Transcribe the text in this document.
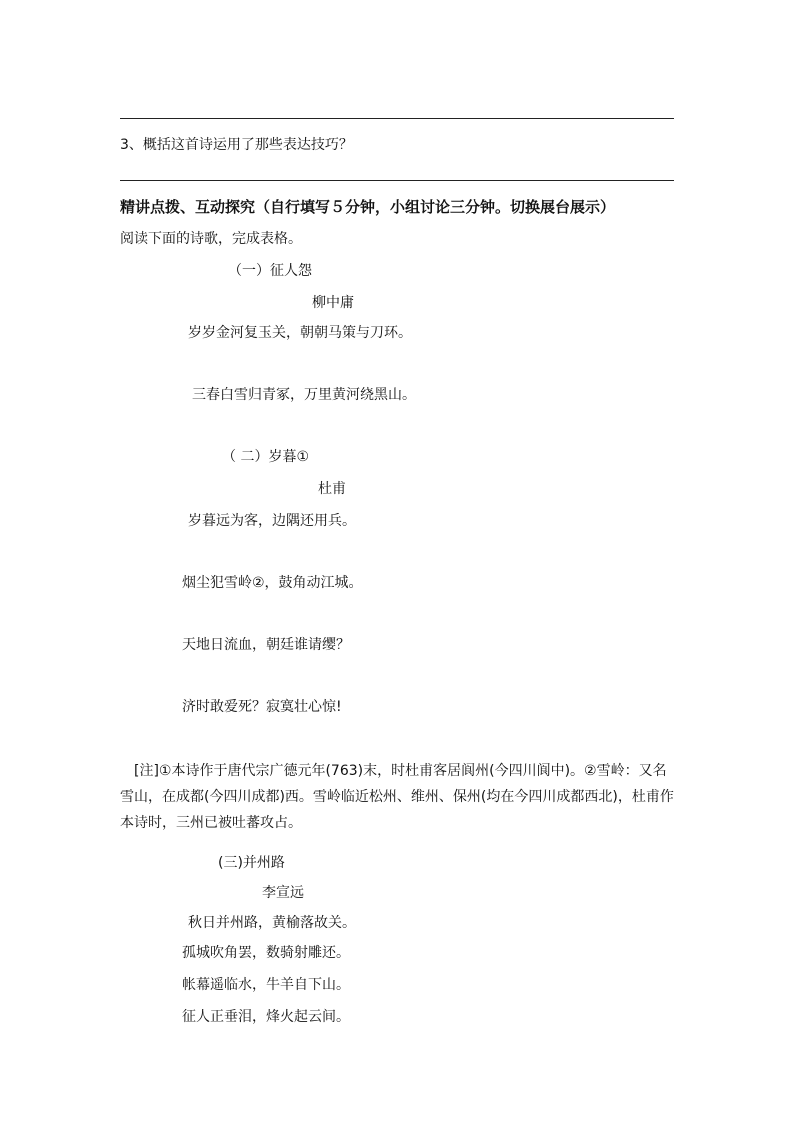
3、概括这首诗运用了那些表达技巧？
精讲点拨、互动探究（自行填写５分钟，小组讨论三分钟。切换展台展示）
阅读下面的诗歌，完成表格。
（一）征人怨
柳中庸
岁岁金河复玉关，朝朝马策与刀环。
三春白雪归青冢，万里黄河绕黑山。
（ 二）岁暮①
杜甫
岁暮远为客，边隅还用兵。
烟尘犯雪岭②，鼓角动江城。
天地日流血，朝廷谁请缨？
济时敢爱死？寂寞壮心惊!
[注]①本诗作于唐代宗广德元年(763)末，时杜甫客居阆州(今四川阆中)。②雪岭：又名雪山，在成都(今四川成都)西。雪岭临近松州、维州、保州(均在今四川成都西北)，杜甫作本诗时，三州已被吐蕃攻占。
(三)并州路
李宣远
秋日并州路，黄榆落故关。
孤城吹角罢，数骑射雕还。
帐幕遥临水，牛羊自下山。
征人正垂泪，烽火起云间。
